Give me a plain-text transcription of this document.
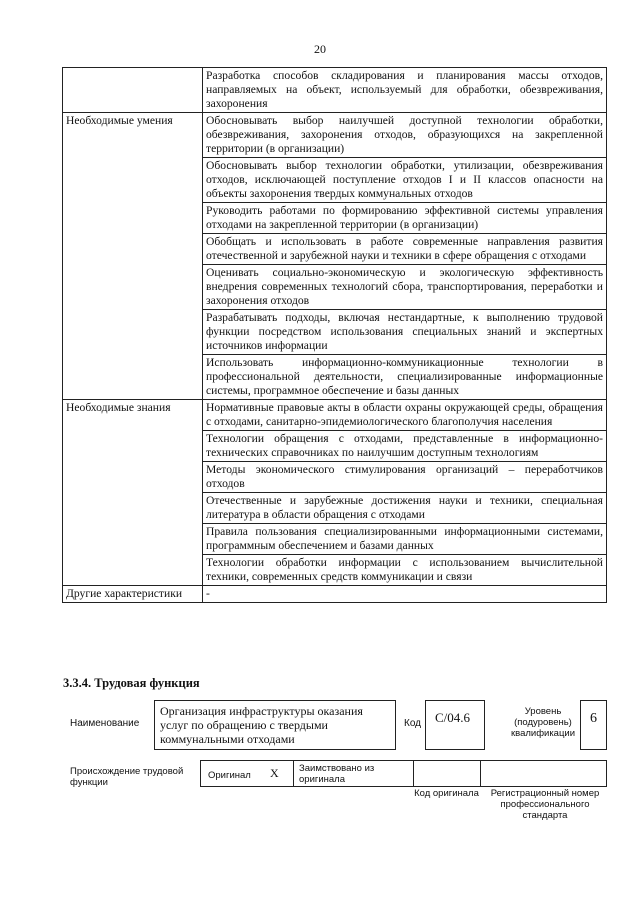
20
	Разработка способов складирования и планирования массы отходов, направляемых на объект, используемый для обработки, обезвреживания, захоронения
Необходимые умения	Обосновывать выбор наилучшей доступной технологии обработки, обезвреживания, захоронения отходов, образующихся на закрепленной территории (в организации)
	Обосновывать выбор технологии обработки, утилизации, обезвреживания отходов, исключающей поступление отходов I и II классов опасности на объекты захоронения твердых коммунальных отходов
	Руководить работами по формированию эффективной системы управления отходами на закрепленной территории (в организации)
	Обобщать и использовать в работе современные направления развития отечественной и зарубежной науки и техники в сфере обращения с отходами
	Оценивать социально-экономическую и экологическую эффективность внедрения современных технологий сбора, транспортирования, переработки и захоронения отходов
	Разрабатывать подходы, включая нестандартные, к выполнению трудовой функции посредством использования специальных знаний и экспертных источников информации
	Использовать информационно-коммуникационные технологии в профессиональной деятельности, специализированные информационные системы, программное обеспечение и базы данных
Необходимые знания	Нормативные правовые акты в области охраны окружающей среды, обращения с отходами, санитарно-эпидемиологического благополучия населения
	Технологии обращения с отходами, представленные в информационно-технических справочниках по наилучшим доступным технологиям
	Методы экономического стимулирования организаций – переработчиков отходов
	Отечественные и зарубежные достижения науки и техники, специальная литература в области обращения с отходами
	Правила пользования специализированными информационными системами, программным обеспечением и базами данных
	Технологии обработки информации с использованием вычислительной техники, современных средств коммуникации и связи
Другие характеристики	-
3.3.4. Трудовая функция
Наименование
Организация инфраструктуры оказания услуг по обращению с твердыми коммунальными отходами
Код	С/04.6	Уровень (подуровень) квалификации
6
Происхождение трудовой функции
Оригинал X Заимствовано из оригинала
Код оригинала	Регистрационный номер профессионального стандарта
